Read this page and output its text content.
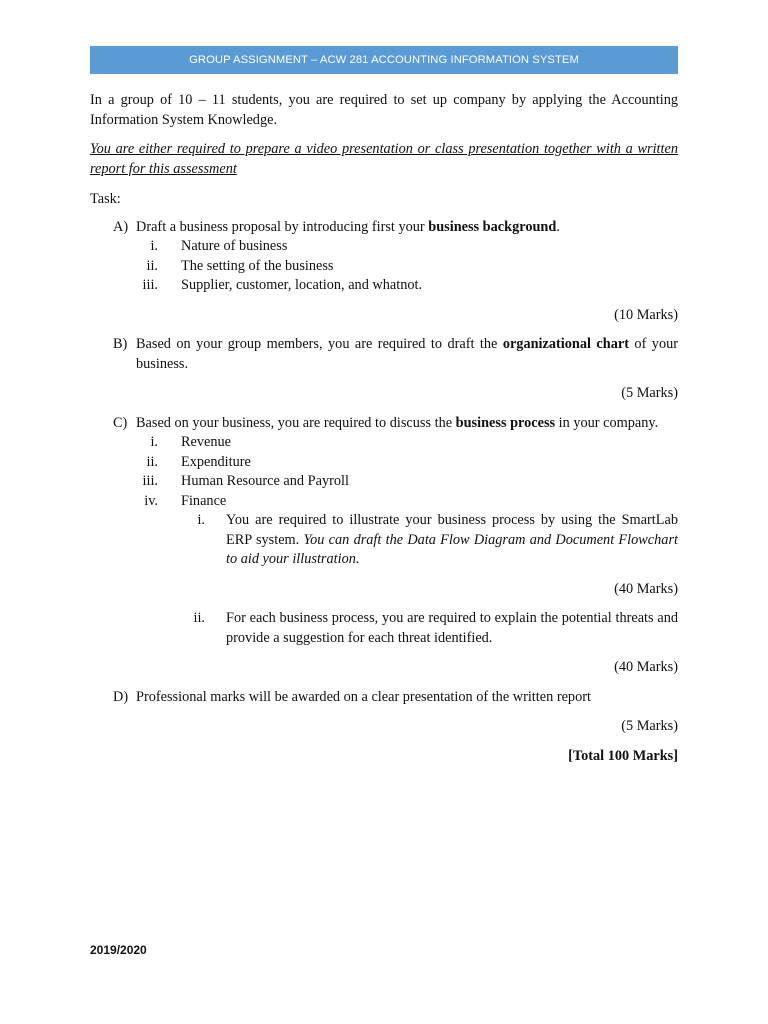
GROUP ASSIGNMENT – ACW 281 ACCOUNTING INFORMATION SYSTEM

In a group of 10 – 11 students, you are required to set up company by applying the Accounting Information System Knowledge.

You are either required to prepare a video presentation or class presentation together with a written report for this assessment

Task:

A) Draft a business proposal by introducing first your business background.
i. Nature of business
ii. The setting of the business
iii. Supplier, customer, location, and whatnot.

(10 Marks)

B) Based on your group members, you are required to draft the organizational chart of your business.

(5 Marks)

C) Based on your business, you are required to discuss the business process in your company.
i. Revenue
ii. Expenditure
iii. Human Resource and Payroll
iv. Finance
i. You are required to illustrate your business process by using the SmartLab ERP system. You can draft the Data Flow Diagram and Document Flowchart to aid your illustration.

(40 Marks)

ii. For each business process, you are required to explain the potential threats and provide a suggestion for each threat identified.

(40 Marks)

D) Professional marks will be awarded on a clear presentation of the written report

(5 Marks)

[Total 100 Marks]

2019/2020
